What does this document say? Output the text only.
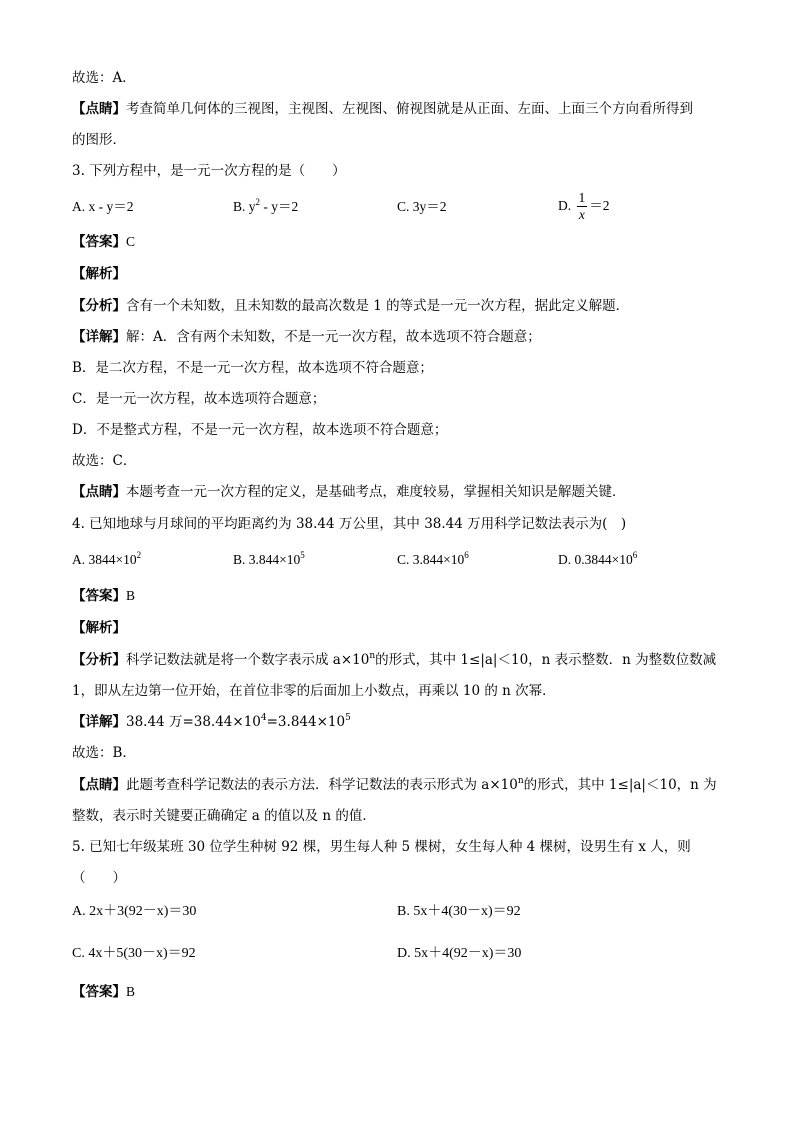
故选：A．
【点睛】考查简单几何体的三视图，主视图、左视图、俯视图就是从正面、左面、上面三个方向看所得到
的图形．
3. 下列方程中，是一元一次方程的是（　　）
A. x - y＝2	B. $y^2 - y=2$	C. 3y＝2	D. $\frac{1}{x} =2$
【答案】C
【解析】
【分析】含有一个未知数，且未知数的最高次数是 1 的等式是一元一次方程，据此定义解题．
【详解】解：A．含有两个未知数，不是一元一次方程，故本选项不符合题意；
B．是二次方程，不是一元一次方程，故本选项不符合题意；
C．是一元一次方程，故本选项符合题意；
D．不是整式方程，不是一元一次方程，故本选项不符合题意；
故选：C．
【点睛】本题考查一元一次方程的定义，是基础考点，难度较易，掌握相关知识是解题关键．
4. 已知地球与月球间的平均距离约为 38.44 万公里，其中 38.44 万用科学记数法表示为(　)
A. $3844\times 10^2$	B. $3.844\times 10^5$	C. $3.844\times 10^6$	D. $0.3844\times 10^6$
【答案】B
【解析】
【分析】科学记数法就是将一个数字表示成 $a\times 10^n$的形式，其中 1≤|a|＜10，n 表示整数．n 为整数位数减
1，即从左边第一位开始，在首位非零的后面加上小数点，再乘以 10 的 n 次幂．
【详解】38.44 万$=38.44\times 10^4=3.844\times 10^5$
故选：B．
【点睛】此题考查科学记数法的表示方法．科学记数法的表示形式为 $a\times 10^n$的形式，其中 1≤|a|＜10，n 为
整数，表示时关键要正确确定 a 的值以及 n 的值．
5. 已知七年级某班 30 位学生种树 92 棵，男生每人种 5 棵树，女生每人种 4 棵树，设男生有 x 人，则
（　　）
A. 2x＋3(92－x)＝30	B. 5x＋4(30－x)＝92
C. 4x＋5(30－x)＝92	D. 5x＋4(92－x)＝30
【答案】B
